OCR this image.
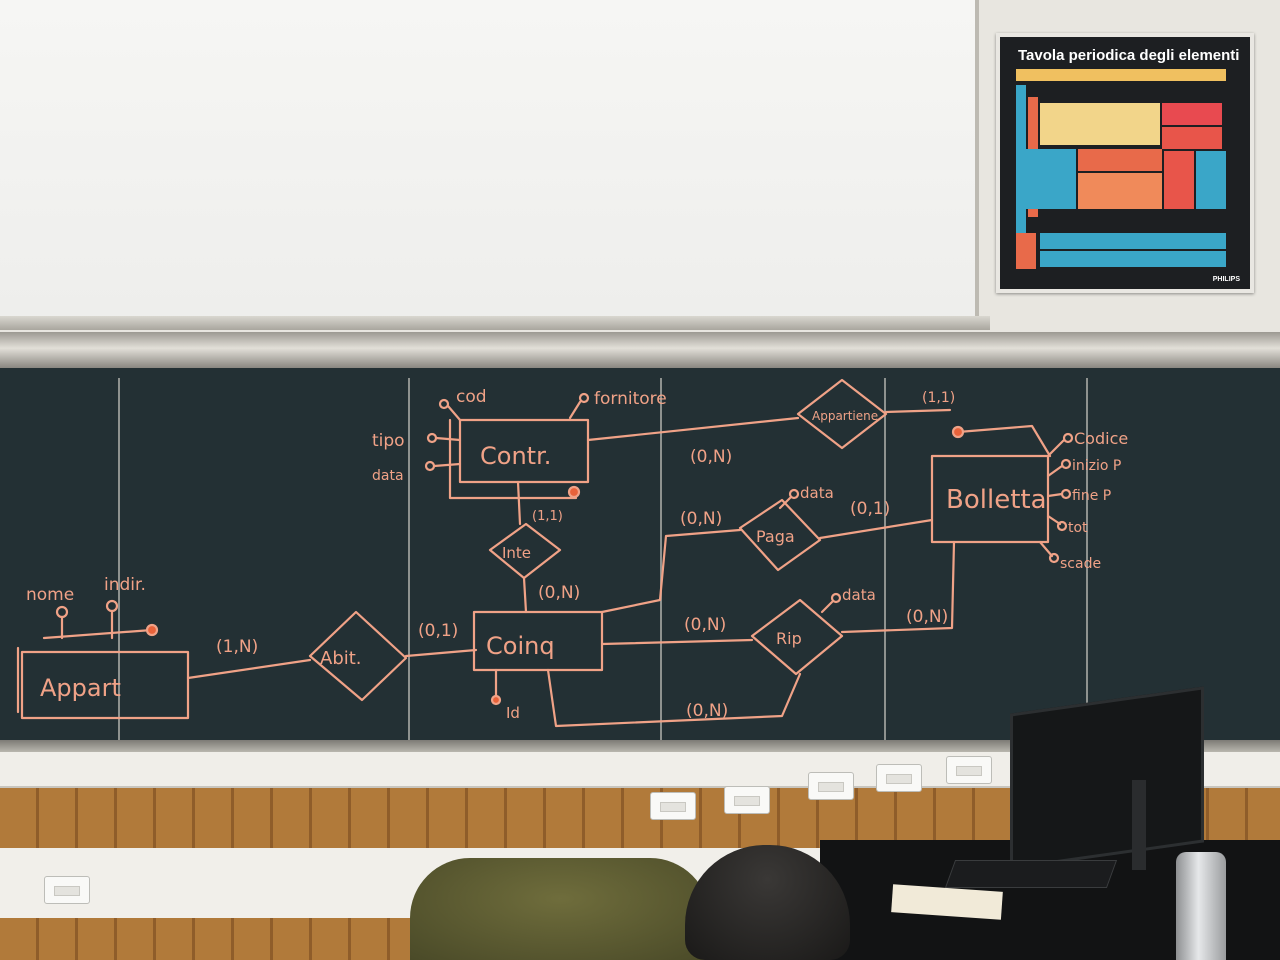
Tavola periodica degli elementi
PHILIPS
Appart
Coinq
Contr.
Bolletta
Abit.
Inte
Appartiene
Paga
Rip
nome indir.
cod	fornitore
tipo
data
Id
Codice
inizio P
fine P
tot
scade
data
data
(1,N)
(0,1)
(1,1)
(0,N)
(0,N)
(1,1)
(0,N)	(0,1)
(0,N)	(0,N)
(0,N)
